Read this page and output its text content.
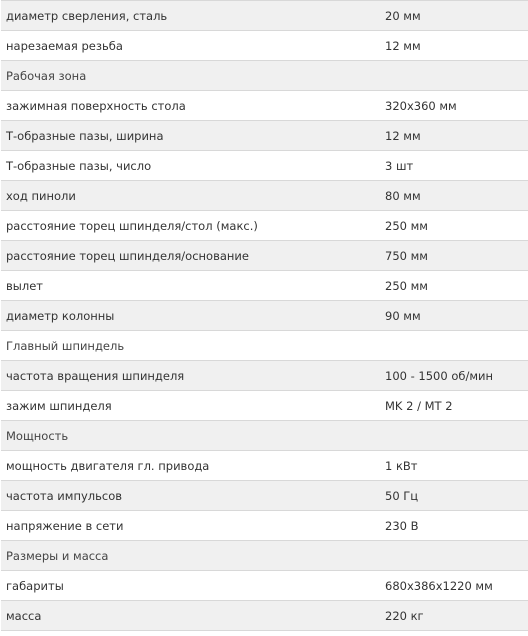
диаметр сверления, сталь	20 мм
нарезаемая резьба	12 мм
Рабочая зона	
зажимная поверхность стола	320x360 мм
Т-образные пазы, ширина	12 мм
Т-образные пазы, число	3 шт
ход пиноли	80 мм
расстояние торец шпинделя/стол (макс.)	250 мм
расстояние торец шпинделя/основание	750 мм
вылет	250 мм
диаметр колонны	90 мм
Главный шпиндель	
частота вращения шпинделя	100 - 1500 об/мин
зажим шпинделя	MK 2 / MT 2
Мощность	
мощность двигателя гл. привода	1 кВт
частота импульсов	50 Гц
напряжение в сети	230 В
Размеры и масса	
габариты	680x386x1220 мм
масса	220 кг
